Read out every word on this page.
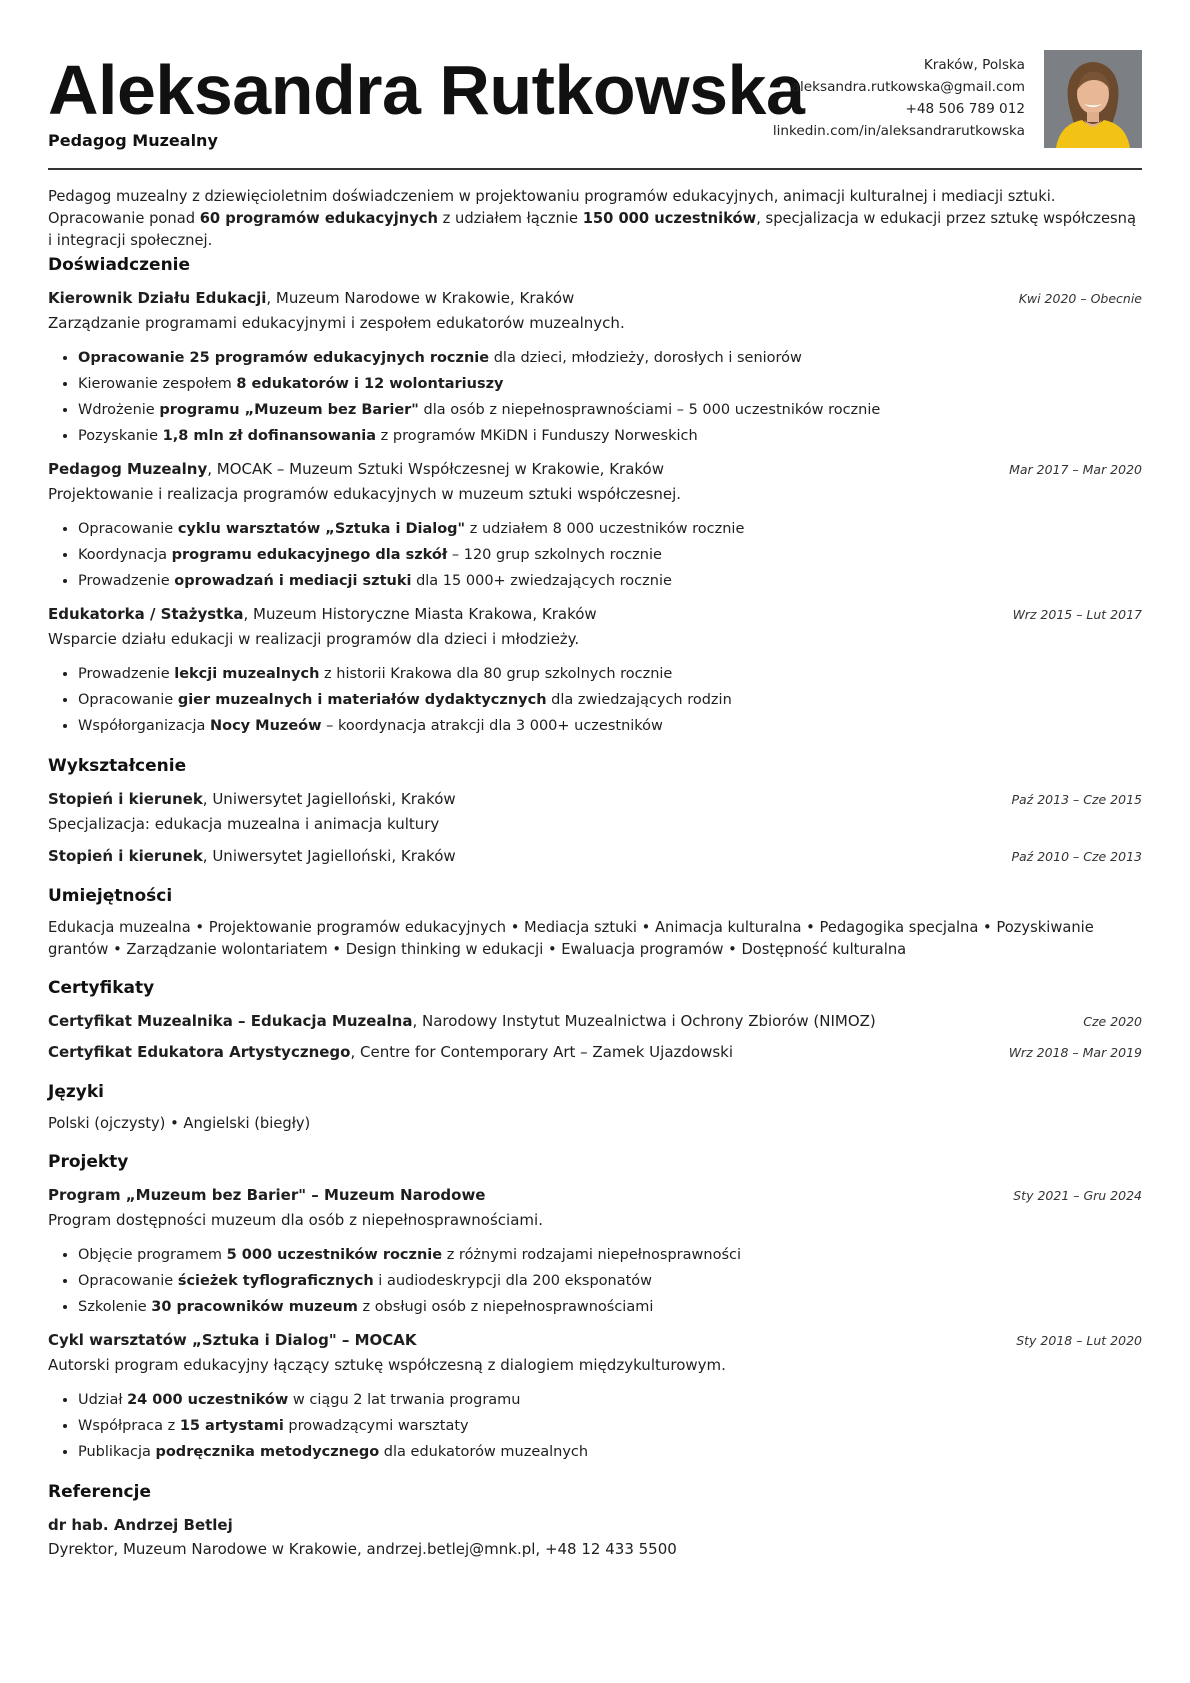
Aleksandra Rutkowska
Pedagog Muzealny
Kraków, Polska
aleksandra.rutkowska@gmail.com
+48 506 789 012
linkedin.com/in/aleksandrarutkowska
Pedagog muzealny z dziewięcioletnim doświadczeniem w projektowaniu programów edukacyjnych, animacji kulturalnej i mediacji sztuki. Opracowanie ponad 60 programów edukacyjnych z udziałem łącznie 150 000 uczestników, specjalizacja w edukacji przez sztukę współczesną i integracji społecznej.
Doświadczenie
Kierownik Działu Edukacji, Muzeum Narodowe w Krakowie, Kraków	Kwi 2020 – Obecnie
Zarządzanie programami edukacyjnymi i zespołem edukatorów muzealnych.
• Opracowanie 25 programów edukacyjnych rocznie dla dzieci, młodzieży, dorosłych i seniorów
• Kierowanie zespołem 8 edukatorów i 12 wolontariuszy
• Wdrożenie programu „Muzeum bez Barier" dla osób z niepełnosprawnościami – 5 000 uczestników rocznie
• Pozyskanie 1,8 mln zł dofinansowania z programów MKiDN i Funduszy Norweskich
Pedagog Muzealny, MOCAK – Muzeum Sztuki Współczesnej w Krakowie, Kraków	Mar 2017 – Mar 2020
Projektowanie i realizacja programów edukacyjnych w muzeum sztuki współczesnej.
• Opracowanie cyklu warsztatów „Sztuka i Dialog" z udziałem 8 000 uczestników rocznie
• Koordynacja programu edukacyjnego dla szkół – 120 grup szkolnych rocznie
• Prowadzenie oprowadzań i mediacji sztuki dla 15 000+ zwiedzających rocznie
Edukatorka / Stażystka, Muzeum Historyczne Miasta Krakowa, Kraków	Wrz 2015 – Lut 2017
Wsparcie działu edukacji w realizacji programów dla dzieci i młodzieży.
• Prowadzenie lekcji muzealnych z historii Krakowa dla 80 grup szkolnych rocznie
• Opracowanie gier muzealnych i materiałów dydaktycznych dla zwiedzających rodzin
• Współorganizacja Nocy Muzeów – koordynacja atrakcji dla 3 000+ uczestników
Wykształcenie
Stopień i kierunek, Uniwersytet Jagielloński, Kraków	Paź 2013 – Cze 2015
Specjalizacja: edukacja muzealna i animacja kultury
Stopień i kierunek, Uniwersytet Jagielloński, Kraków	Paź 2010 – Cze 2013
Umiejętności
Edukacja muzealna • Projektowanie programów edukacyjnych • Mediacja sztuki • Animacja kulturalna • Pedagogika specjalna • Pozyskiwanie grantów • Zarządzanie wolontariatem • Design thinking w edukacji • Ewaluacja programów • Dostępność kulturalna
Certyfikaty
Certyfikat Muzealnika – Edukacja Muzealna, Narodowy Instytut Muzealnictwa i Ochrony Zbiorów (NIMOZ)	Cze 2020
Certyfikat Edukatora Artystycznego, Centre for Contemporary Art – Zamek Ujazdowski	Wrz 2018 – Mar 2019
Języki
Polski (ojczysty) • Angielski (biegły)
Projekty
Program „Muzeum bez Barier" – Muzeum Narodowe	Sty 2021 – Gru 2024
Program dostępności muzeum dla osób z niepełnosprawnościami.
• Objęcie programem 5 000 uczestników rocznie z różnymi rodzajami niepełnosprawności
• Opracowanie ścieżek tyflograficznych i audiodeskrypcji dla 200 eksponatów
• Szkolenie 30 pracowników muzeum z obsługi osób z niepełnosprawnościami
Cykl warsztatów „Sztuka i Dialog" – MOCAK	Sty 2018 – Lut 2020
Autorski program edukacyjny łączący sztukę współczesną z dialogiem międzykulturowym.
• Udział 24 000 uczestników w ciągu 2 lat trwania programu
• Współpraca z 15 artystami prowadzącymi warsztaty
• Publikacja podręcznika metodycznego dla edukatorów muzealnych
Referencje
dr hab. Andrzej Betlej
Dyrektor, Muzeum Narodowe w Krakowie, andrzej.betlej@mnk.pl, +48 12 433 5500
